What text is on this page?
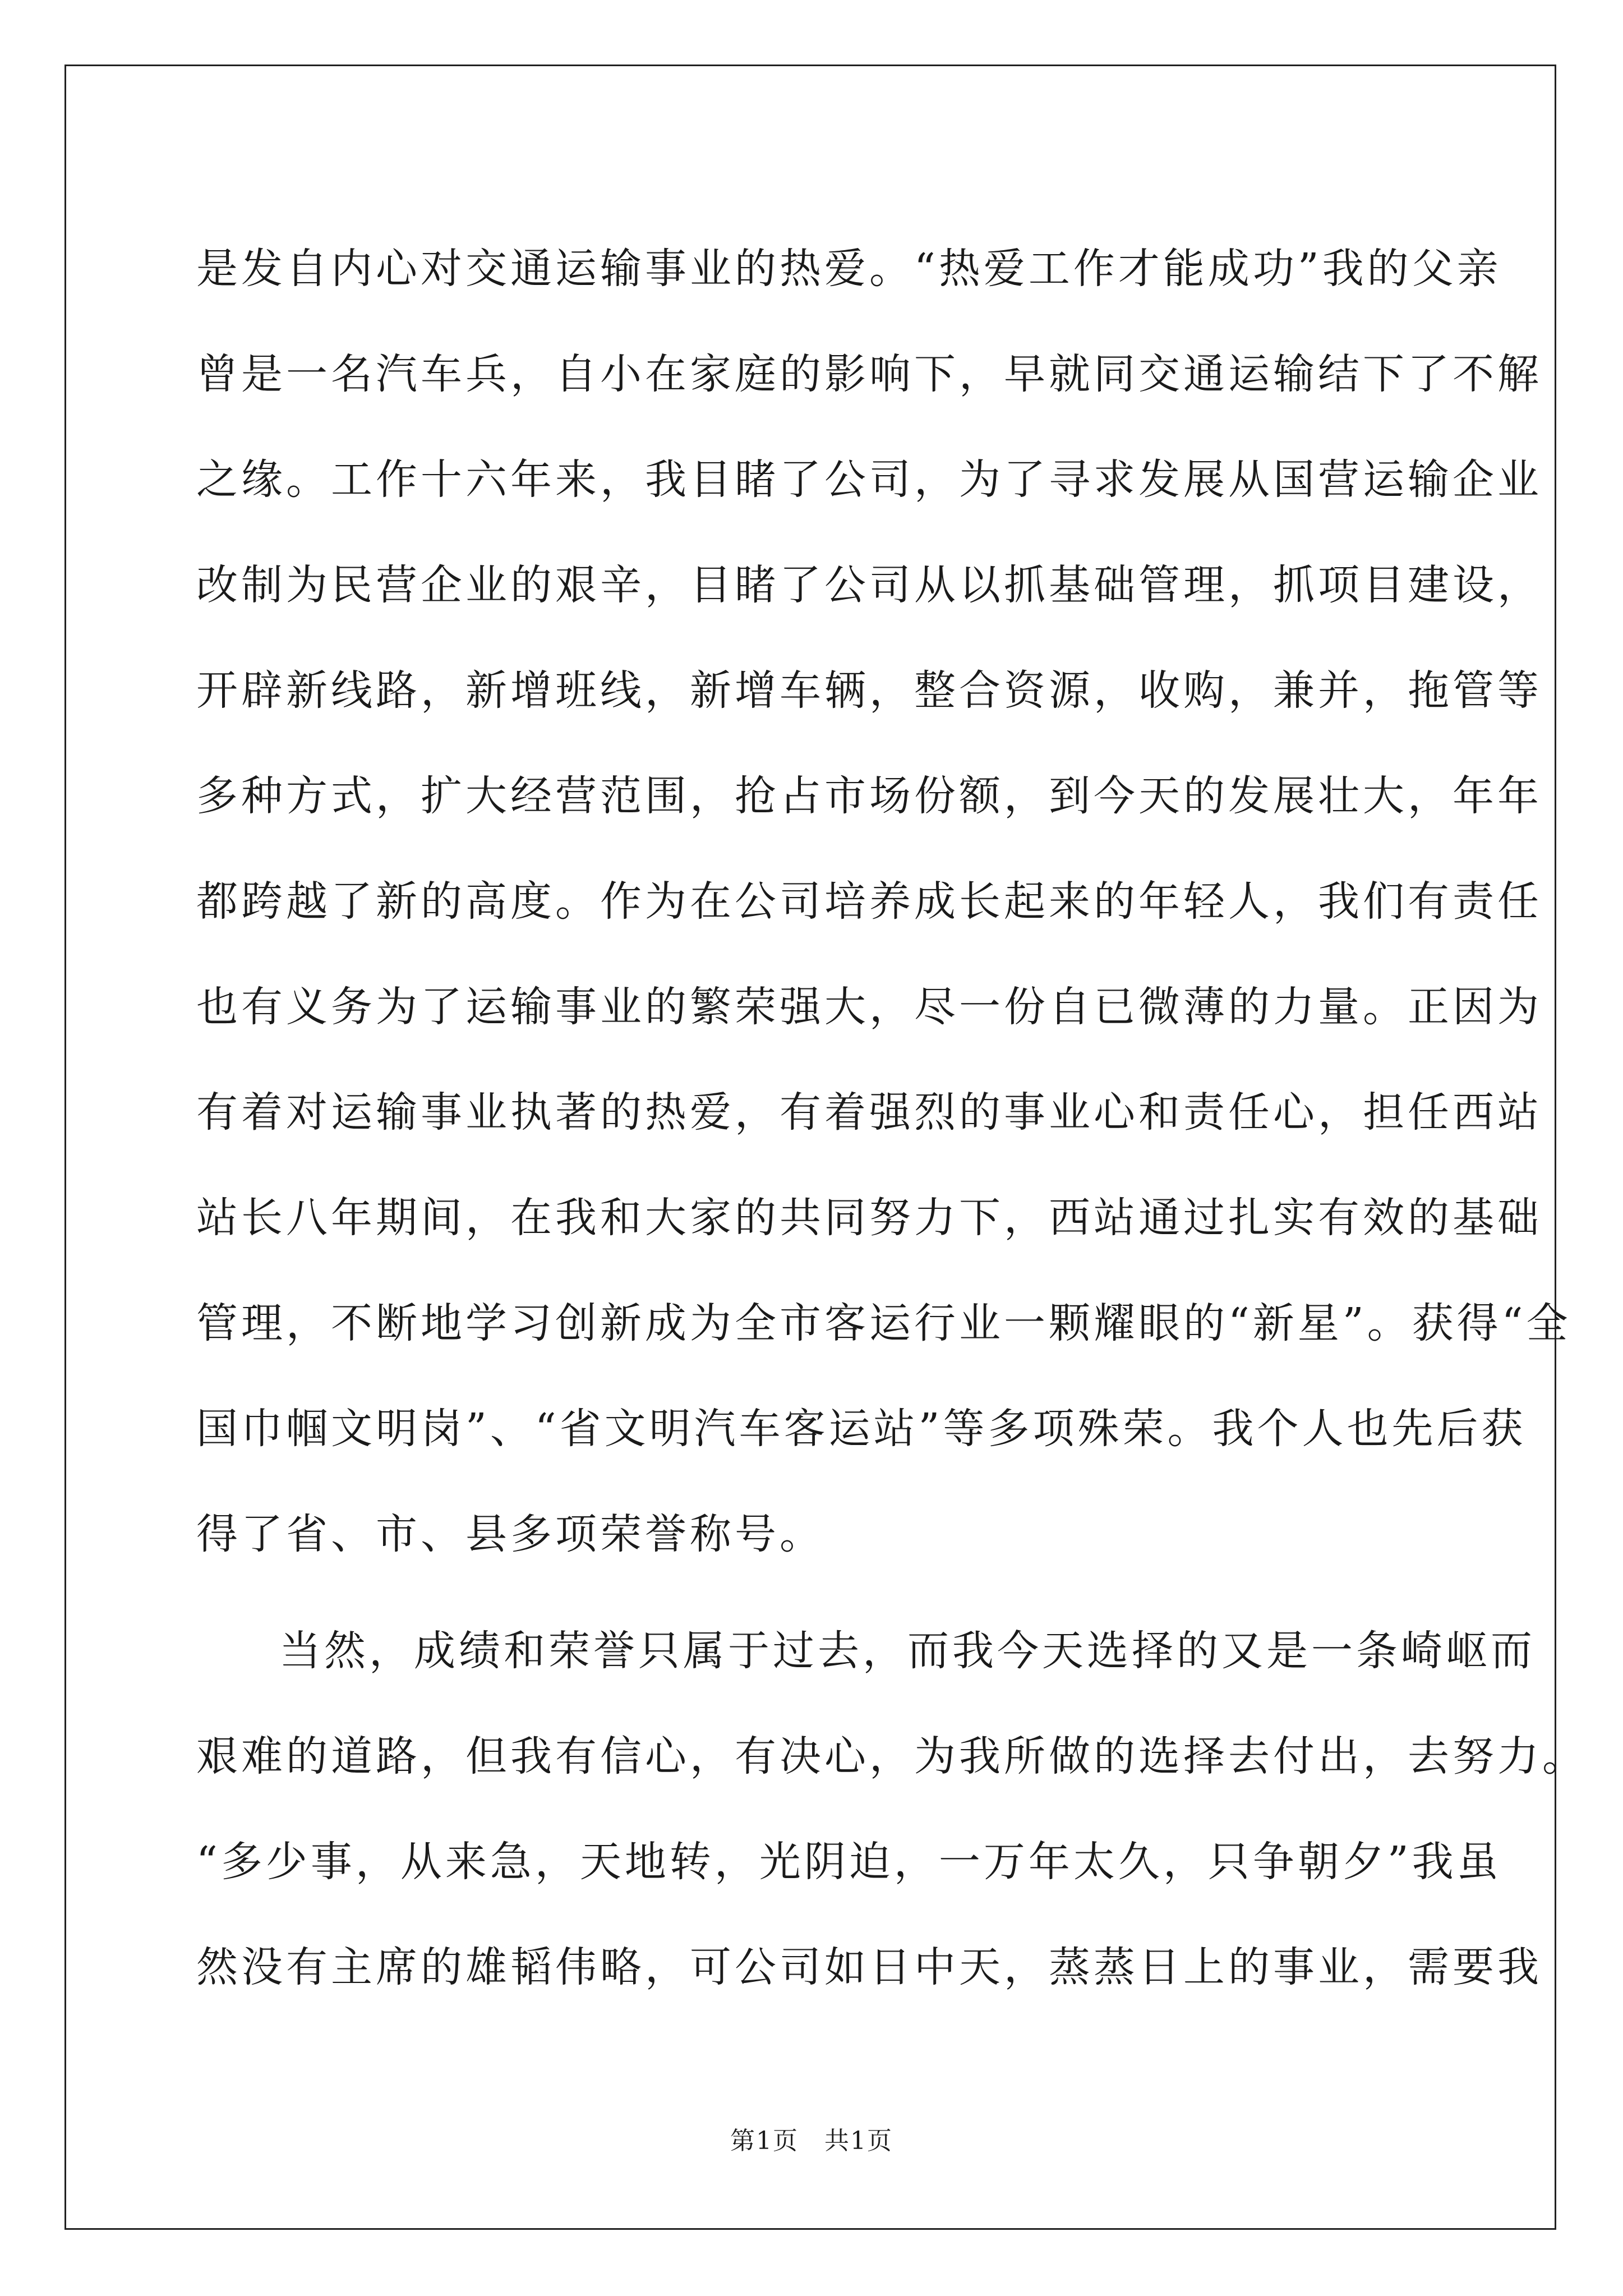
是发自内心对交通运输事业的热爱。“热爱工作才能成功”我的父亲
曾是一名汽车兵，自小在家庭的影响下，早就同交通运输结下了不解
之缘。工作十六年来，我目睹了公司，为了寻求发展从国营运输企业
改制为民营企业的艰辛，目睹了公司从以抓基础管理，抓项目建设，
开辟新线路，新增班线，新增车辆，整合资源，收购，兼并，拖管等
多种方式，扩大经营范围，抢占市场份额，到今天的发展壮大，年年
都跨越了新的高度。作为在公司培养成长起来的年轻人，我们有责任
也有义务为了运输事业的繁荣强大，尽一份自已微薄的力量。正因为
有着对运输事业执著的热爱，有着强烈的事业心和责任心，担任西站
站长八年期间，在我和大家的共同努力下，西站通过扎实有效的基础
管理，不断地学习创新成为全市客运行业一颗耀眼的“新星”。获得“全
国巾帼文明岗”、“省文明汽车客运站”等多项殊荣。我个人也先后获
得了省、市、县多项荣誉称号。
当然，成绩和荣誉只属于过去，而我今天选择的又是一条崎岖而
艰难的道路，但我有信心，有决心，为我所做的选择去付出，去努力。
“多少事，从来急，天地转，光阴迫，一万年太久，只争朝夕”我虽
然没有主席的雄韬伟略，可公司如日中天，蒸蒸日上的事业，需要我
第1页　共1页
